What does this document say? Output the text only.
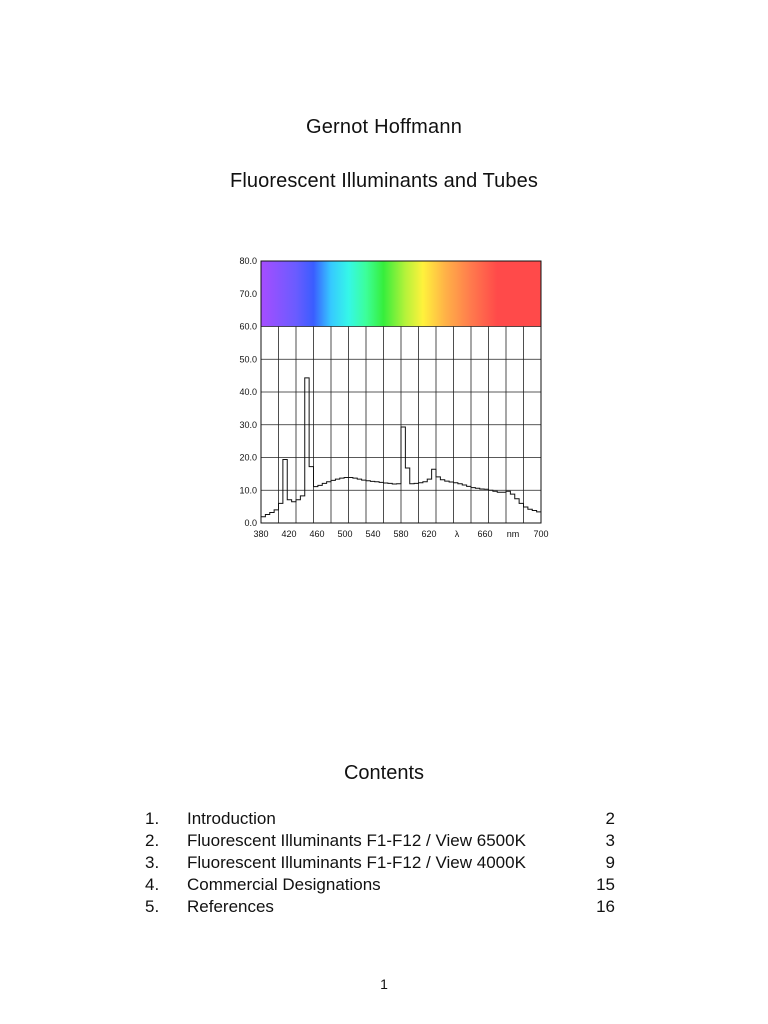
Gernot Hoffmann
Fluorescent Illuminants and Tubes
80.0
70.0
60.0
50.0
40.0
30.0
20.0
10.0
0.0
380 420 460 500 540 580 620 λ 660 nm 700
Contents
1. Introduction	2
2. Fluorescent Illuminants F1-F12 / View 6500K	3
3. Fluorescent Illuminants F1-F12 / View 4000K	9
4. Commercial Designations	15
5. References	16
1
